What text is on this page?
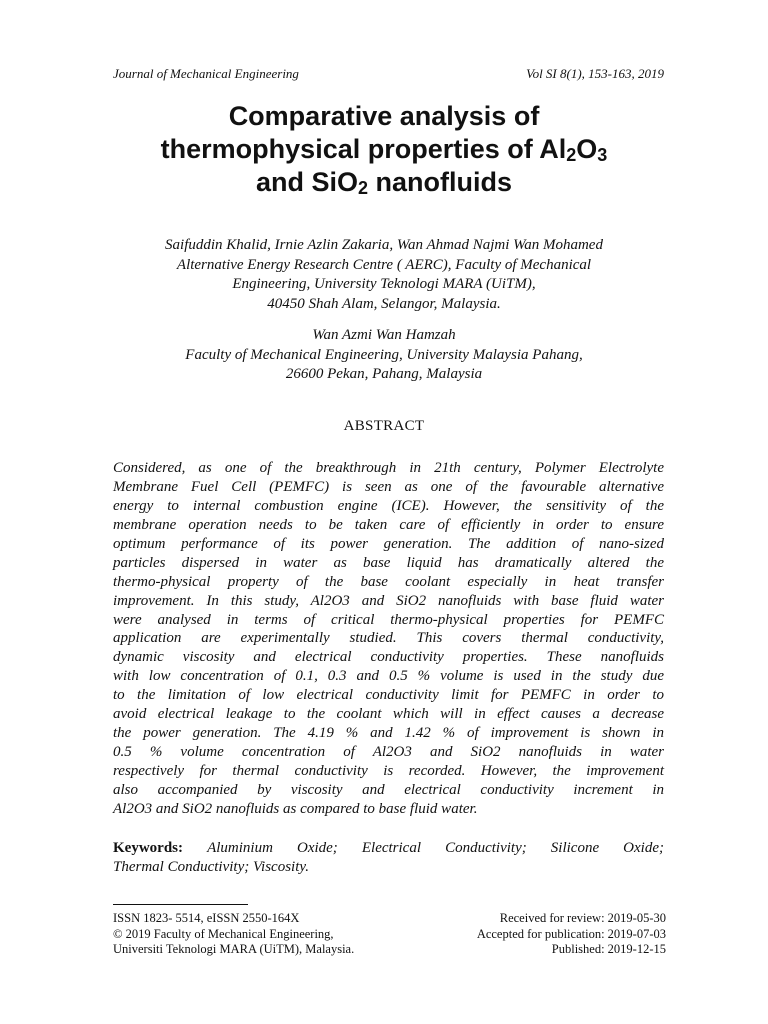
Journal of Mechanical Engineering	Vol SI 8(1), 153-163, 2019
Comparative analysis of
thermophysical properties of $Al_2O_3$
and SiO$_2$ nanofluids
Saifuddin Khalid, Irnie Azlin Zakaria, Wan Ahmad Najmi Wan Mohamed
Alternative Energy Research Centre ( AERC), Faculty of Mechanical
Engineering, University Teknologi MARA (UiTM),
40450 Shah Alam, Selangor, Malaysia.
Wan Azmi Wan Hamzah
Faculty of Mechanical Engineering, University Malaysia Pahang,
26600 Pekan, Pahang, Malaysia
ABSTRACT
Considered, as one of the breakthrough in 21th century, Polymer Electrolyte
Membrane Fuel Cell (PEMFC) is seen as one of the favourable alternative
energy to internal combustion engine (ICE). However, the sensitivity of the
membrane operation needs to be taken care of efficiently in order to ensure
optimum performance of its power generation. The addition of nano-sized
particles dispersed in water as base liquid has dramatically altered the
thermo-physical property of the base coolant especially in heat transfer
improvement. In this study, Al2O3 and SiO2 nanofluids with base fluid water
were analysed in terms of critical thermo-physical properties for PEMFC
application are experimentally studied. This covers thermal conductivity,
dynamic viscosity and electrical conductivity properties. These nanofluids
with low concentration of 0.1, 0.3 and 0.5 % volume is used in the study due
to the limitation of low electrical conductivity limit for PEMFC in order to
avoid electrical leakage to the coolant which will in effect causes a decrease
the power generation. The 4.19 % and 1.42 % of improvement is shown in
0.5 % volume concentration of Al2O3 and SiO2 nanofluids in water
respectively for thermal conductivity is recorded. However, the improvement
also accompanied by viscosity and electrical conductivity increment in
Al2O3 and SiO2 nanofluids as compared to base fluid water.
Keywords: Aluminium Oxide; Electrical Conductivity; Silicone Oxide;
Thermal Conductivity; Viscosity.
ISSN 1823- 5514, eISSN 2550-164X
© 2019 Faculty of Mechanical Engineering,
Universiti Teknologi MARA (UiTM), Malaysia.
Received for review: 2019-05-30
Accepted for publication: 2019-07-03
Published: 2019-12-15
